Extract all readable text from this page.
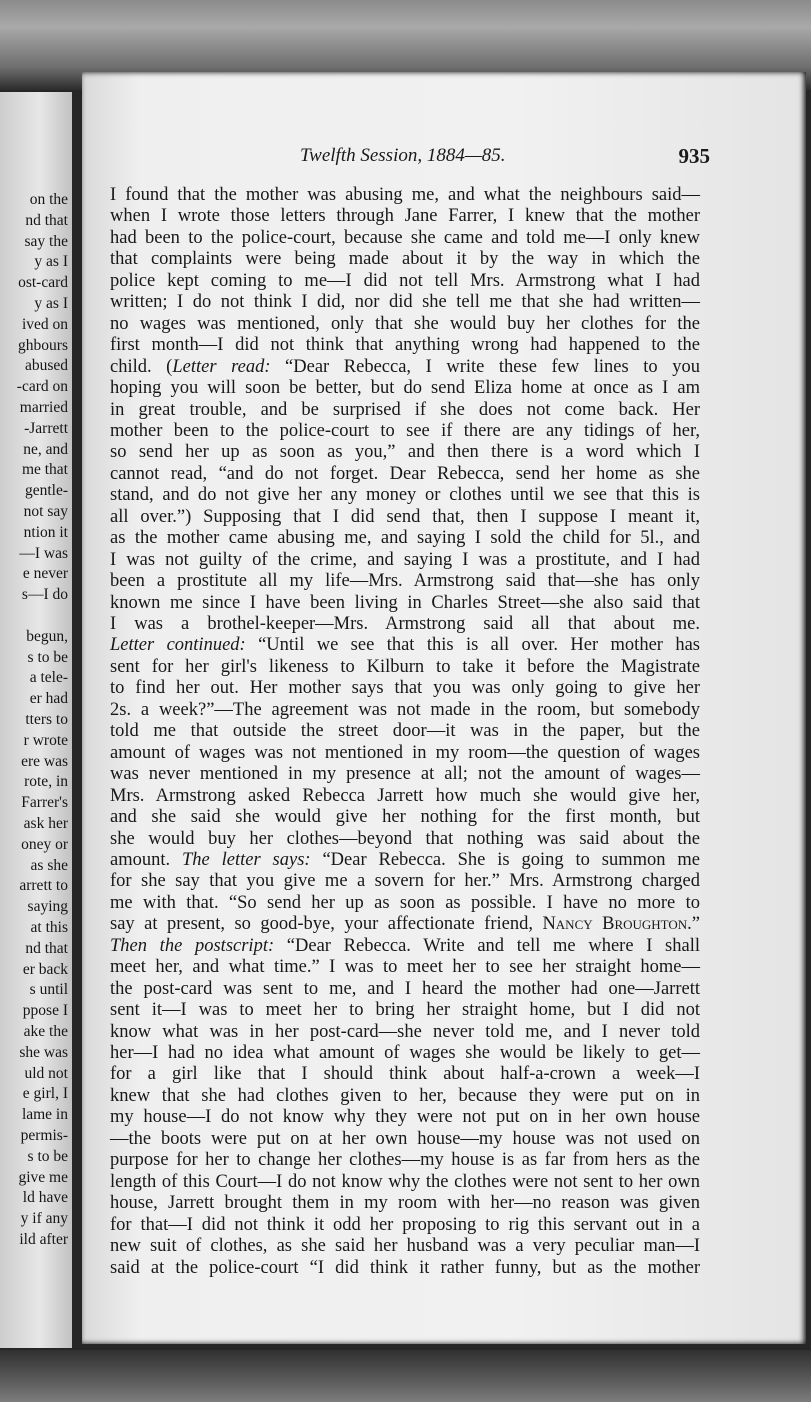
on the
nd that
say the
y as I
ost-card
y as I
ived on
ghbours
abused
-card on
married
-Jarrett
ne, and
me that
gentle-
not say
ntion it
—I was
e never
s—I do
begun,
s to be
a tele-
er had
tters to
r wrote
ere was
rote, in
Farrer's
ask her
oney or
as she
arrett to
saying
at this
nd that
er back
s until
ppose I
ake the
she was
uld not
e girl, I
lame in
permis-
s to be
give me
ld have
y if any
ild after
Twelfth Session, 1884—85.	935
I found that the mother was abusing me, and what the neighbours said—
when I wrote those letters through Jane Farrer, I knew that the mother
had been to the police-court, because she came and told me—I only knew
that complaints were being made about it by the way in which the
police kept coming to me—I did not tell Mrs. Armstrong what I had
written; I do not think I did, nor did she tell me that she had written—
no wages was mentioned, only that she would buy her clothes for the
first month—I did not think that anything wrong had happened to the
child. (Letter read: “Dear Rebecca, I write these few lines to you
hoping you will soon be better, but do send Eliza home at once as I am
in great trouble, and be surprised if she does not come back. Her
mother been to the police-court to see if there are any tidings of her,
so send her up as soon as you,” and then there is a word which I
cannot read, “and do not forget. Dear Rebecca, send her home as she
stand, and do not give her any money or clothes until we see that this is
all over.”) Supposing that I did send that, then I suppose I meant it,
as the mother came abusing me, and saying I sold the child for 5l., and
I was not guilty of the crime, and saying I was a prostitute, and I had
been a prostitute all my life—Mrs. Armstrong said that—she has only
known me since I have been living in Charles Street—she also said that
I was a brothel-keeper—Mrs. Armstrong said all that about me.
Letter continued: “Until we see that this is all over. Her mother has
sent for her girl's likeness to Kilburn to take it before the Magistrate
to find her out. Her mother says that you was only going to give her
2s. a week?”—The agreement was not made in the room, but somebody
told me that outside the street door—it was in the paper, but the
amount of wages was not mentioned in my room—the question of wages
was never mentioned in my presence at all; not the amount of wages—
Mrs. Armstrong asked Rebecca Jarrett how much she would give her,
and she said she would give her nothing for the first month, but
she would buy her clothes—beyond that nothing was said about the
amount. The letter says: “Dear Rebecca. She is going to summon me
for she say that you give me a sovern for her.” Mrs. Armstrong charged
me with that. “So send her up as soon as possible. I have no more to
say at present, so good-bye, your affectionate friend, Nancy Broughton.”
Then the postscript: “Dear Rebecca. Write and tell me where I shall
meet her, and what time.” I was to meet her to see her straight home—
the post-card was sent to me, and I heard the mother had one—Jarrett
sent it—I was to meet her to bring her straight home, but I did not
know what was in her post-card—she never told me, and I never told
her—I had no idea what amount of wages she would be likely to get—
for a girl like that I should think about half-a-crown a week—I
knew that she had clothes given to her, because they were put on in
my house—I do not know why they were not put on in her own house
—the boots were put on at her own house—my house was not used on
purpose for her to change her clothes—my house is as far from hers as the
length of this Court—I do not know why the clothes were not sent to her own
house, Jarrett brought them in my room with her—no reason was given
for that—I did not think it odd her proposing to rig this servant out in a
new suit of clothes, as she said her husband was a very peculiar man—I
said at the police-court “I did think it rather funny, but as the mother
